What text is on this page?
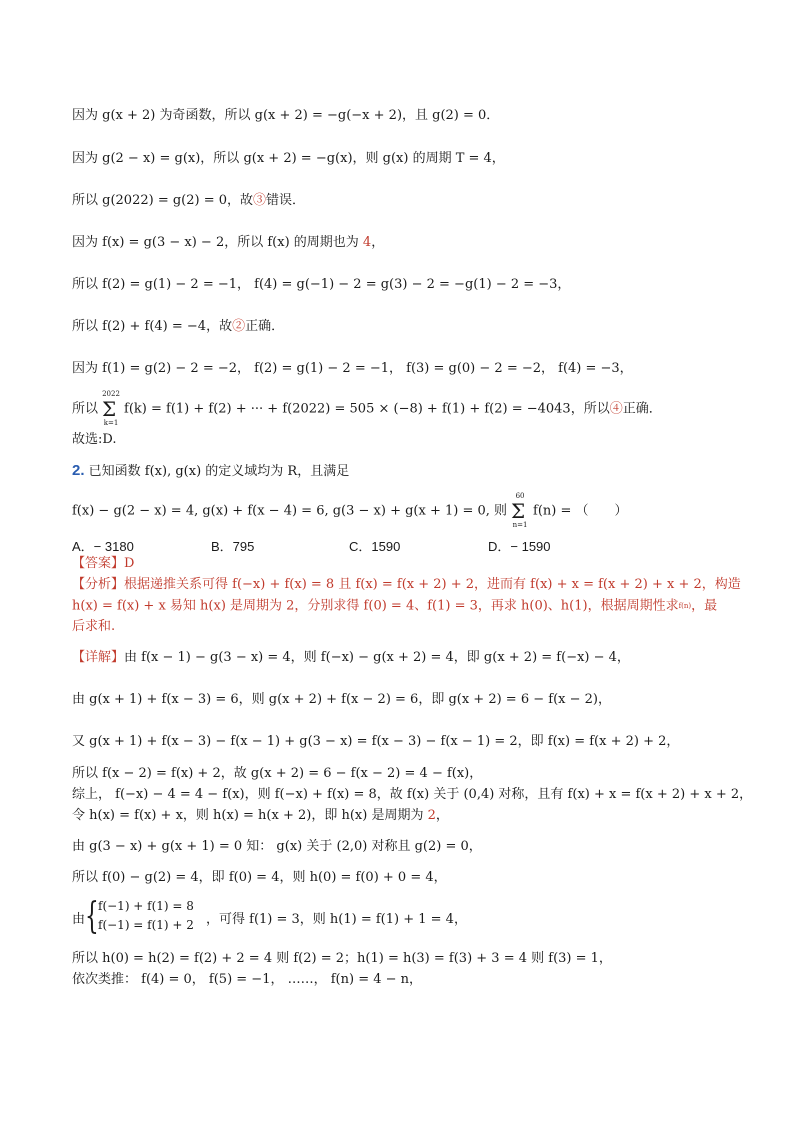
因为 g(x + 2) 为奇函数，所以 g(x + 2) = −g(−x + 2)，且 g(2) = 0．
因为 g(2 − x) = g(x)，所以 g(x + 2) = −g(x)，则 g(x) 的周期 T = 4，
所以 g(2022) = g(2) = 0，故③错误．
因为 f(x) = g(3 − x) − 2，所以 f(x) 的周期也为 4，
所以 f(2) = g(1) − 2 = −1， f(4) = g(−1) − 2 = g(3) − 2 = −g(1) − 2 = −3，
所以 f(2) + f(4) = −4，故②正确．
因为 f(1) = g(2) − 2 = −2， f(2) = g(1) − 2 = −1， f(3) = g(0) − 2 = −2， f(4) = −3，
所以
2022
Σ
k=1
f(k) = f(1) + f(2) + ··· + f(2022) = 505 × (−8) + f(1) + f(2) = −4043，所以④正确．
故选:D.
2. 已知函数 f(x), g(x) 的定义域均为 R，且满足
f(x) − g(2 − x) = 4, g(x) + f(x − 4) = 6, g(3 − x) + g(x + 1) = 0, 则
60
Σ
n=1
f(n) = （　　）
A．− 3180	B．795	C．1590	D．− 1590
【答案】D
【分析】根据递推关系可得 f(−x) + f(x) = 8 且 f(x) = f(x + 2) + 2，进而有 f(x) + x = f(x + 2) + x + 2，构造
h(x) = f(x) + x 易知 h(x) 是周期为 2，分别求得 f(0) = 4、f(1) = 3，再求 h(0)、h(1)，根据周期性求f(n)，最
后求和.
【详解】由 f(x − 1) − g(3 − x) = 4，则 f(−x) − g(x + 2) = 4，即 g(x + 2) = f(−x) − 4，
由 g(x + 1) + f(x − 3) = 6，则 g(x + 2) + f(x − 2) = 6，即 g(x + 2) = 6 − f(x − 2)，
又 g(x + 1) + f(x − 3) − f(x − 1) + g(3 − x) = f(x − 3) − f(x − 1) = 2，即 f(x) = f(x + 2) + 2，
所以 f(x − 2) = f(x) + 2，故 g(x + 2) = 6 − f(x − 2) = 4 − f(x)，
综上， f(−x) − 4 = 4 − f(x)，则 f(−x) + f(x) = 8，故 f(x) 关于 (0,4) 对称，且有 f(x) + x = f(x + 2) + x + 2，
令 h(x) = f(x) + x，则 h(x) = h(x + 2)，即 h(x) 是周期为 2，
由 g(3 − x) + g(x + 1) = 0 知： g(x) 关于 (2,0) 对称且 g(2) = 0，
所以 f(0) − g(2) = 4，即 f(0) = 4，则 h(0) = f(0) + 0 = 4，
由 { f(−1) + f(1) = 8
f(−1) = f(1) + 2 ，可得 f(1) = 3，则 h(1) = f(1) + 1 = 4，
所以 h(0) = h(2) = f(2) + 2 = 4 则 f(2) = 2；h(1) = h(3) = f(3) + 3 = 4 则 f(3) = 1，
依次类推： f(4) = 0， f(5) = −1， ……， f(n) = 4 − n，
